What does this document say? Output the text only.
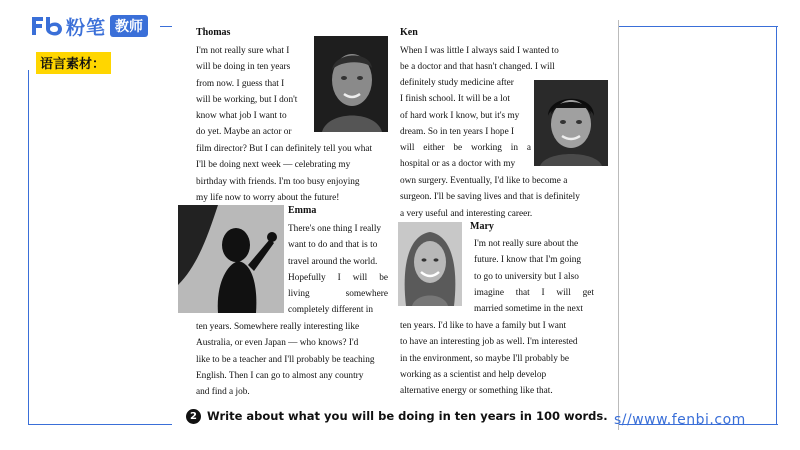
粉笔 教师
语言素材：
Thomas
I'm not really sure what I
will be doing in ten years
from now. I guess that I
will be working, but I don't
know what job I want to
do yet. Maybe an actor or
film director? But I can definitely tell you what
I'll be doing next week — celebrating my
birthday with friends. I'm too busy enjoying
my life now to worry about the future!
Emma
There's one thing I really
want to do and that is to
travel around the world.
Hopefully I will be
living somewhere
completely different in
ten years. Somewhere really interesting like
Australia, or even Japan — who knows? I'd
like to be a teacher and I'll probably be teaching
English. Then I can go to almost any country
and find a job.
Ken
When I was little I always said I wanted to
be a doctor and that hasn't changed. I will
definitely study medicine after
I finish school. It will be a lot
of hard work I know, but it's my
dream. So in ten years I hope I
will either be working in a
hospital or as a doctor with my
own surgery. Eventually, I'd like to become a
surgeon. I'll be saving lives and that is definitely
a very useful and interesting career.
Mary
I'm not really sure about the
future. I know that I'm going
to go to university but I also
imagine that I will get
married sometime in the next
ten years. I'd like to have a family but I want
to have an interesting job as well. I'm interested
in the environment, so maybe I'll probably be
working as a scientist and help develop
alternative energy or something like that.
2 Write about what you will be doing in ten years in 100 words. s//www.fenbi.com
